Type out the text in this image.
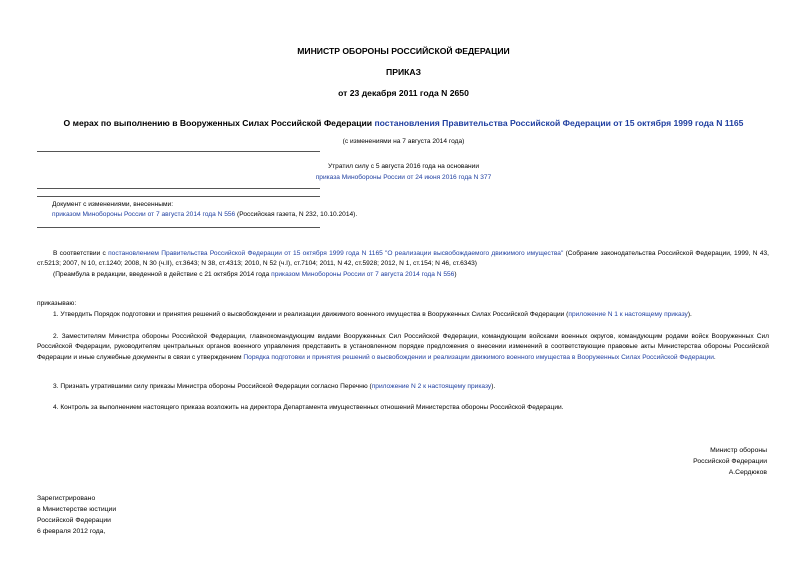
МИНИСТР ОБОРОНЫ РОССИЙСКОЙ ФЕДЕРАЦИИ
ПРИКАЗ
от 23 декабря 2011 года N 2650
О мерах по выполнению в Вооруженных Силах Российской Федерации постановления Правительства Российской Федерации от 15 октября 1999 года N 1165
(с изменениями на 7 августа 2014 года)
Утратил силу с 5 августа 2016 года на основании
приказа Минобороны России от 24 июня 2016 года N 377
Документ с изменениями, внесенными:
приказом Минобороны России от 7 августа 2014 года N 556 (Российская газета, N 232, 10.10.2014).
В соответствии с постановлением Правительства Российской Федерации от 15 октября 1999 года N 1165 "О реализации высвобождаемого движимого имущества" (Собрание законодательства Российской Федерации, 1999, N 43, ст.5213; 2007, N 10, ст.1240; 2008, N 30 (ч.II), ст.3643; N 38, ст.4313; 2010, N 52 (ч.I), ст.7104; 2011, N 42, ст.5928; 2012, N 1, ст.154; N 46, ст.6343)
(Преамбула в редакции, введенной в действие с 21 октября 2014 года приказом Минобороны России от 7 августа 2014 года N 556)
приказываю:
1. Утвердить Порядок подготовки и принятия решений о высвобождении и реализации движимого военного имущества в Вооруженных Силах Российской Федерации (приложение N 1 к настоящему приказу).
2. Заместителям Министра обороны Российской Федерации, главнокомандующим видами Вооруженных Сил Российской Федерации, командующим войсками военных округов, командующим родами войск Вооруженных Сил Российской Федерации, руководителям центральных органов военного управления представить в установленном порядке предложения о внесении изменений в соответствующие правовые акты Министерства обороны Российской Федерации и иные служебные документы в связи с утверждением Порядка подготовки и принятия решений о высвобождении и реализации движимого военного имущества в Вооруженных Силах Российской Федерации.
3. Признать утратившими силу приказы Министра обороны Российской Федерации согласно Перечню (приложение N 2 к настоящему приказу).
4. Контроль за выполнением настоящего приказа возложить на директора Департамента имущественных отношений Министерства обороны Российской Федерации.
Министр обороны
Российской Федерации
А.Сердюков
Зарегистрировано
в Министерстве юстиции
Российской Федерации
6 февраля 2012 года,
